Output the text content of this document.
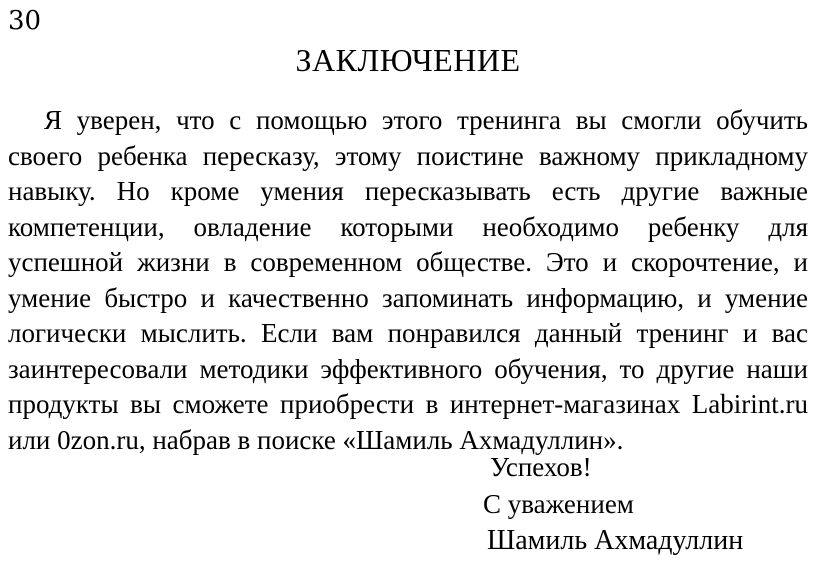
30
ЗАКЛЮЧЕНИЕ

Я уверен, что с помощью этого тренинга вы смогли обучить своего ребенка пересказу, этому поистине важному прикладному навыку. Но кроме умения пересказывать есть другие важные компетенции, овладение которыми необходимо ребенку для успешной жизни в современном обществе. Это и скорочтение, и умение быстро и качественно запоминать информацию, и умение логически мыслить. Если вам понравился данный тренинг и вас заинтересовали методики эффективного обучения, то другие наши продукты вы сможете приобрести в интернет-магазинах Labirint.ru или 0zon.ru, набрав в поиске «Шамиль Ахмадуллин».

Успехов!
С уважением
Шамиль Ахмадуллин
